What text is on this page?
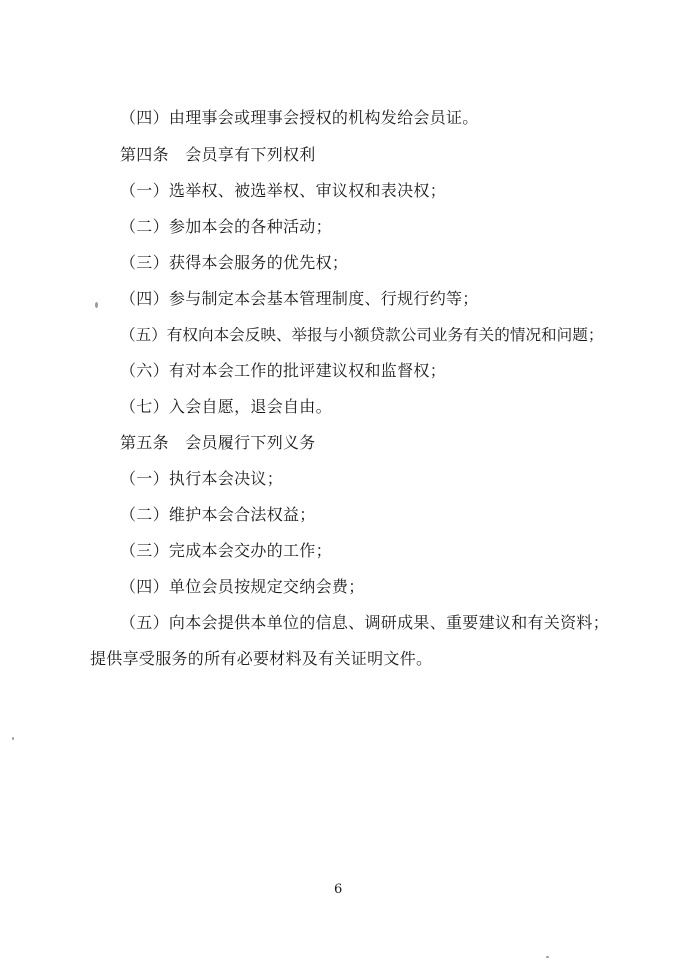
（四）由理事会或理事会授权的机构发给会员证。
第四条　会员享有下列权利
（一）选举权、被选举权、审议权和表决权；
（二）参加本会的各种活动；
（三）获得本会服务的优先权；
（四）参与制定本会基本管理制度、行规行约等；
（五）有权向本会反映、举报与小额贷款公司业务有关的情况和问题；
（六）有对本会工作的批评建议权和监督权；
（七）入会自愿，退会自由。
第五条　会员履行下列义务
（一）执行本会决议；
（二）维护本会合法权益；
（三）完成本会交办的工作；
（四）单位会员按规定交纳会费；
（五）向本会提供本单位的信息、调研成果、重要建议和有关资料；
提供享受服务的所有必要材料及有关证明文件。
6
